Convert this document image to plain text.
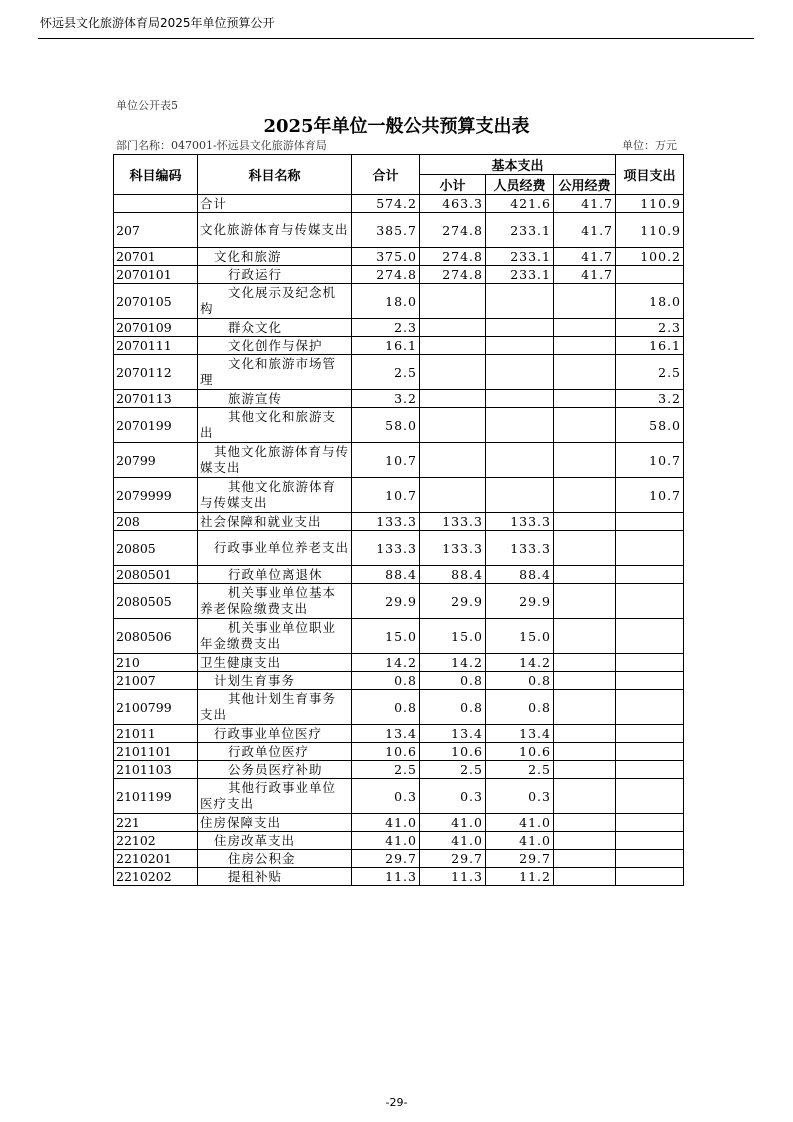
怀远县文化旅游体育局2025年单位预算公开
单位公开表5
2025年单位一般公共预算支出表
部门名称：047001-怀远县文化旅游体育局	单位：万元
科目编码	科目名称	合计	基本支出			项目支出
			小计	人员经费	公用经费	
	合计	574.2	463.3	421.6	41.7	110.9
207	文化旅游体育与传媒支出	385.7	274.8	233.1	41.7	110.9
20701	文化和旅游	375.0	274.8	233.1	41.7	100.2
2070101	行政运行	274.8	274.8	233.1	41.7	
2070105	文化展示及纪念机构	18.0				18.0
2070109	群众文化	2.3				2.3
2070111	文化创作与保护	16.1				16.1
2070112	文化和旅游市场管理	2.5				2.5
2070113	旅游宣传	3.2				3.2
2070199	其他文化和旅游支出	58.0				58.0
20799	其他文化旅游体育与传媒支出	10.7				10.7
2079999	其他文化旅游体育与传媒支出	10.7				10.7
208	社会保障和就业支出	133.3	133.3	133.3		
20805	行政事业单位养老支出	133.3	133.3	133.3		
2080501	行政单位离退休	88.4	88.4	88.4		
2080505	机关事业单位基本养老保险缴费支出	29.9	29.9	29.9		
2080506	机关事业单位职业年金缴费支出	15.0	15.0	15.0		
210	卫生健康支出	14.2	14.2	14.2		
21007	计划生育事务	0.8	0.8	0.8		
2100799	其他计划生育事务支出	0.8	0.8	0.8		
21011	行政事业单位医疗	13.4	13.4	13.4		
2101101	行政单位医疗	10.6	10.6	10.6		
2101103	公务员医疗补助	2.5	2.5	2.5		
2101199	其他行政事业单位医疗支出	0.3	0.3	0.3		
221	住房保障支出	41.0	41.0	41.0		
22102	住房改革支出	41.0	41.0	41.0		
2210201	住房公积金	29.7	29.7	29.7		
2210202	提租补贴	11.3	11.3	11.2		
-29-
